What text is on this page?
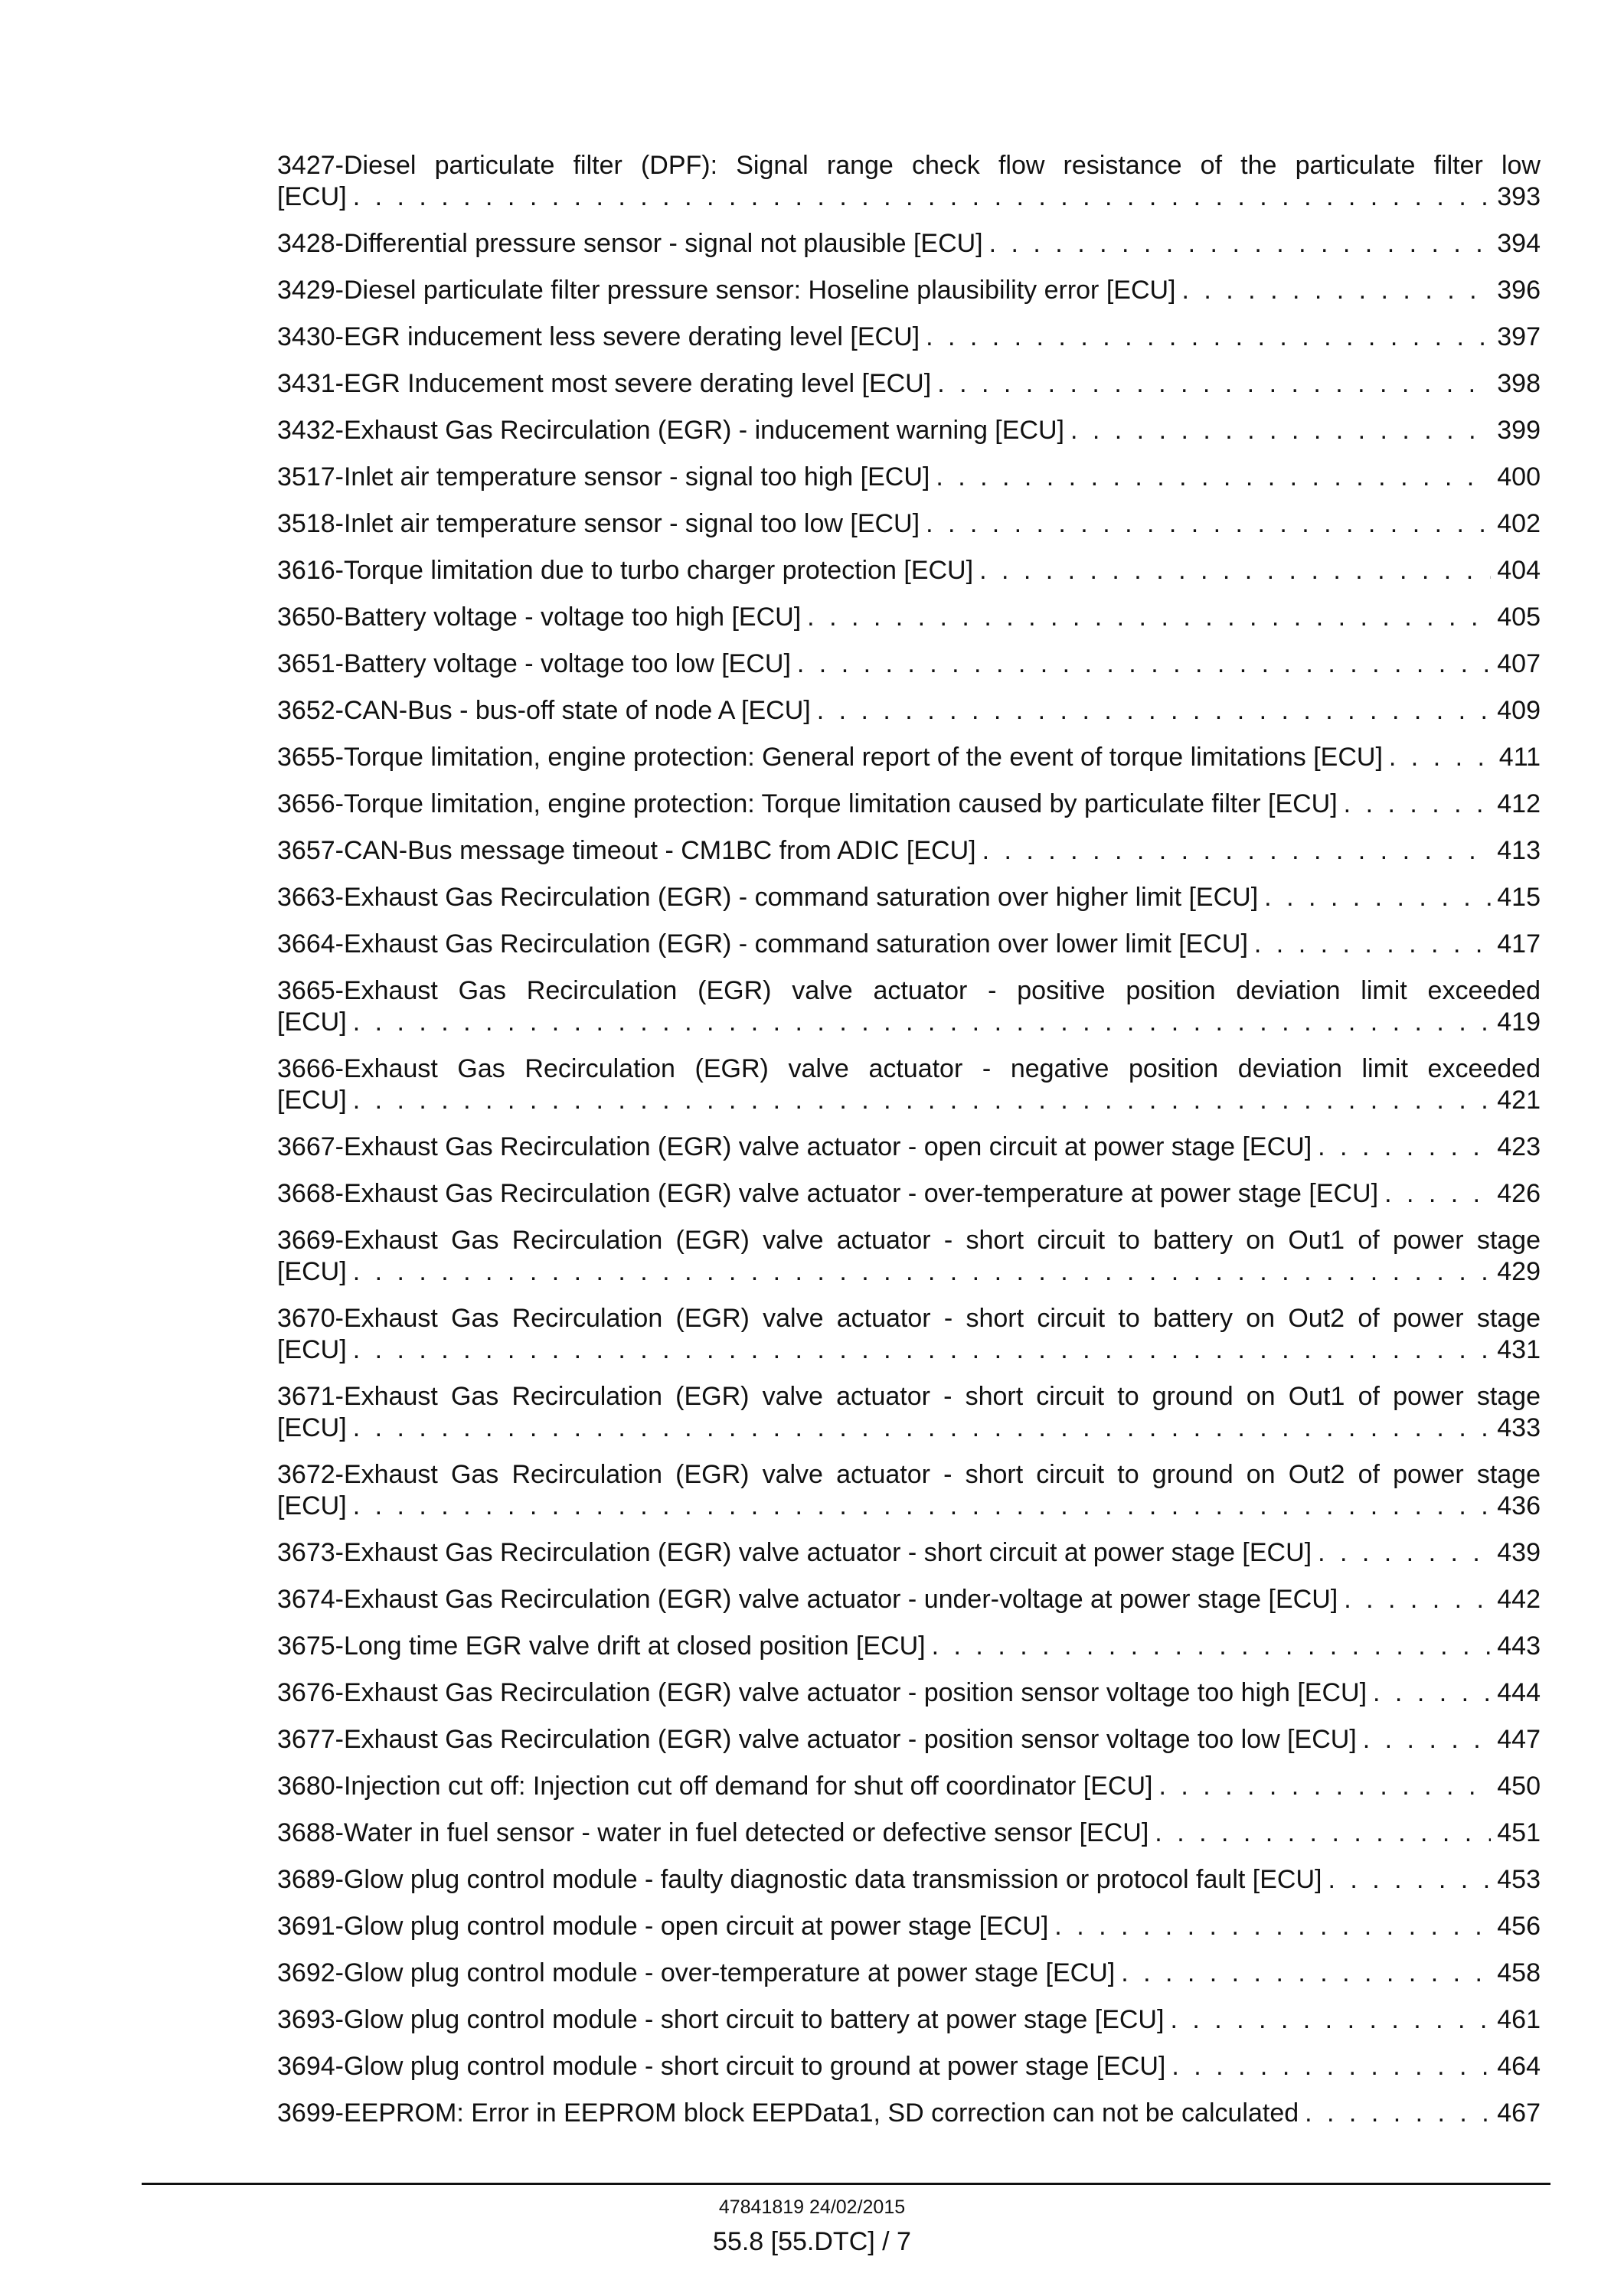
3427-Diesel particulate filter (DPF): Signal range check flow resistance of the particulate filter low
[ECU] . . .	393
3428-Differential pressure sensor - signal not plausible [ECU] . . .	394
3429-Diesel particulate filter pressure sensor: Hoseline plausibility error [ECU] . . .	396
3430-EGR inducement less severe derating level [ECU] . . .	397
3431-EGR Inducement most severe derating level [ECU] . . .	398
3432-Exhaust Gas Recirculation (EGR) - inducement warning [ECU] . . .	399
3517-Inlet air temperature sensor - signal too high [ECU] . . .	400
3518-Inlet air temperature sensor - signal too low [ECU] . . .	402
3616-Torque limitation due to turbo charger protection [ECU] . . .	404
3650-Battery voltage - voltage too high [ECU] . . .	405
3651-Battery voltage - voltage too low [ECU] . . .	407
3652-CAN-Bus - bus-off state of node A [ECU] . . .	409
3655-Torque limitation, engine protection: General report of the event of torque limitations [ECU] . . .	411
3656-Torque limitation, engine protection: Torque limitation caused by particulate filter [ECU] . . .	412
3657-CAN-Bus message timeout - CM1BC from ADIC [ECU] . . .	413
3663-Exhaust Gas Recirculation (EGR) - command saturation over higher limit [ECU] . . .	415
3664-Exhaust Gas Recirculation (EGR) - command saturation over lower limit [ECU] . . .	417
3665-Exhaust Gas Recirculation (EGR) valve actuator - positive position deviation limit exceeded
[ECU] . . .	419
3666-Exhaust Gas Recirculation (EGR) valve actuator - negative position deviation limit exceeded
[ECU] . . .	421
3667-Exhaust Gas Recirculation (EGR) valve actuator - open circuit at power stage [ECU] . . .	423
3668-Exhaust Gas Recirculation (EGR) valve actuator - over-temperature at power stage [ECU] . . .	426
3669-Exhaust Gas Recirculation (EGR) valve actuator - short circuit to battery on Out1 of power stage
[ECU] . . .	429
3670-Exhaust Gas Recirculation (EGR) valve actuator - short circuit to battery on Out2 of power stage
[ECU] . . .	431
3671-Exhaust Gas Recirculation (EGR) valve actuator - short circuit to ground on Out1 of power stage
[ECU] . . .	433
3672-Exhaust Gas Recirculation (EGR) valve actuator - short circuit to ground on Out2 of power stage
[ECU] . . .	436
3673-Exhaust Gas Recirculation (EGR) valve actuator - short circuit at power stage [ECU] . . .	439
3674-Exhaust Gas Recirculation (EGR) valve actuator - under-voltage at power stage [ECU] . . .	442
3675-Long time EGR valve drift at closed position [ECU] . . .	443
3676-Exhaust Gas Recirculation (EGR) valve actuator - position sensor voltage too high [ECU] . . .	444
3677-Exhaust Gas Recirculation (EGR) valve actuator - position sensor voltage too low [ECU] . . .	447
3680-Injection cut off: Injection cut off demand for shut off coordinator [ECU] . . .	450
3688-Water in fuel sensor - water in fuel detected or defective sensor [ECU] . . .	451
3689-Glow plug control module - faulty diagnostic data transmission or protocol fault [ECU] . . .	453
3691-Glow plug control module - open circuit at power stage [ECU] . . .	456
3692-Glow plug control module - over-temperature at power stage [ECU] . . .	458
3693-Glow plug control module - short circuit to battery at power stage [ECU] . . .	461
3694-Glow plug control module - short circuit to ground at power stage [ECU] . . .	464
3699-EEPROM: Error in EEPROM block EEPData1, SD correction can not be calculated . . .	467
47841819 24/02/2015
55.8 [55.DTC] / 7
